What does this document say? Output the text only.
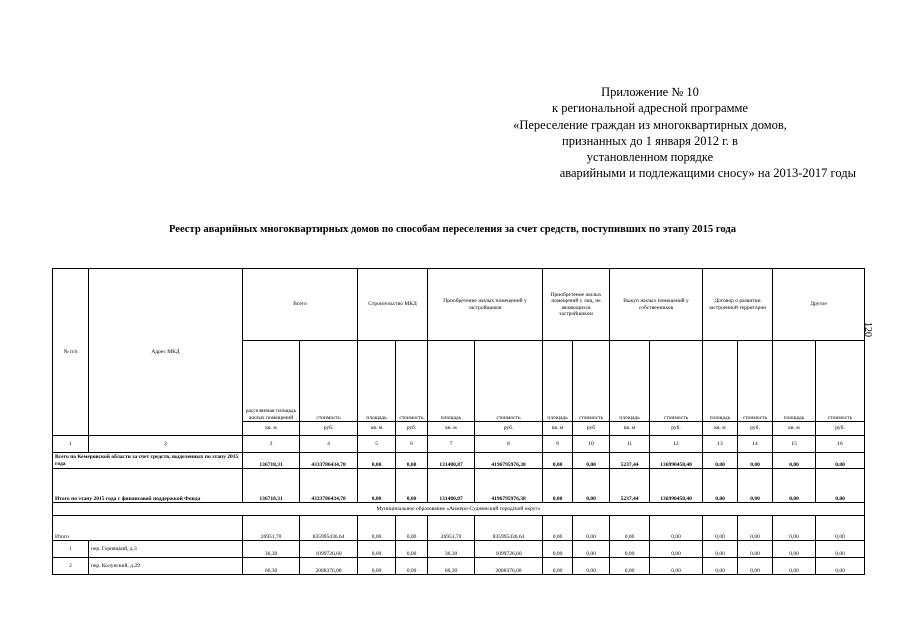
Приложение № 10
к региональной адресной программе
«Переселение граждан из многоквартирных домов,
признанных до 1 января 2012 г. в
установленном порядке
аварийными и подлежащими сносу» на 2013-2017 годы
Реестр аварийных многоквартирных домов по способам переселения за счет средств, поступивших по этапу 2015 года
120
№ п/п	Адрес МКД	Всего		Строительство МКД		Приобретение жилых помещений у застройщиков		Приобретение жилых помещений у лиц, не являющихся застройщиком		Выкуп жилых помещений у собственников		Договор о развитии застроенной территории		Другое	
		расселяемая площадь жилых помещений	стоимость	площадь	стоимость	площадь	стоимость	площадь	стоимость	площадь	стоимость	площадь	стоимость	площадь	стоимость
		кв. м	руб.	кв. м	руб.	кв. м	руб.	кв. м	руб	кв. м	руб.	кв. м	руб.	кв. м	руб.
1	2	3	4	5	6	7	8	9	10	11	12	13	14	15	16
Всего по Кемеровской области за счет средств, выделенных по этапу 2015 года		136718,31	4333786434,78	0,00	0,00	131480,87	4196795976,38	0,00	0,00	5237,44	136990458,40	0,00	0,00	0,00	0,00
Итого по этапу 2015 года с финансовой поддержкой Фонда		136718,31	4333786434,78	0,00	0,00	131480,87	4196795976,38	0,00	0,00	5237,44	136990458,40	0,00	0,00	0,00	0,00
Муниципальное образование «Анжеро-Судженский городской округ»															
Итого		26951,70	835995436,64	0,00	0,00	26951,70	835995436,64	0,00	0,00	0,00	0,00	0,00	0,00	0,00	0,00
1	пер. Горняцкий, д.3	36,30	1099726,60	0,00	0,00	36,30	1099726,60	0,00	0,00	0,00	0,00	0,00	0,00	0,00	0,00
2	пер. Колунский, д.29	66,30	2088376,08	0,00	0,00	66,30	2088376,08	0,00	0,00	0,00	0,00	0,00	0,00	0,00	0,00
